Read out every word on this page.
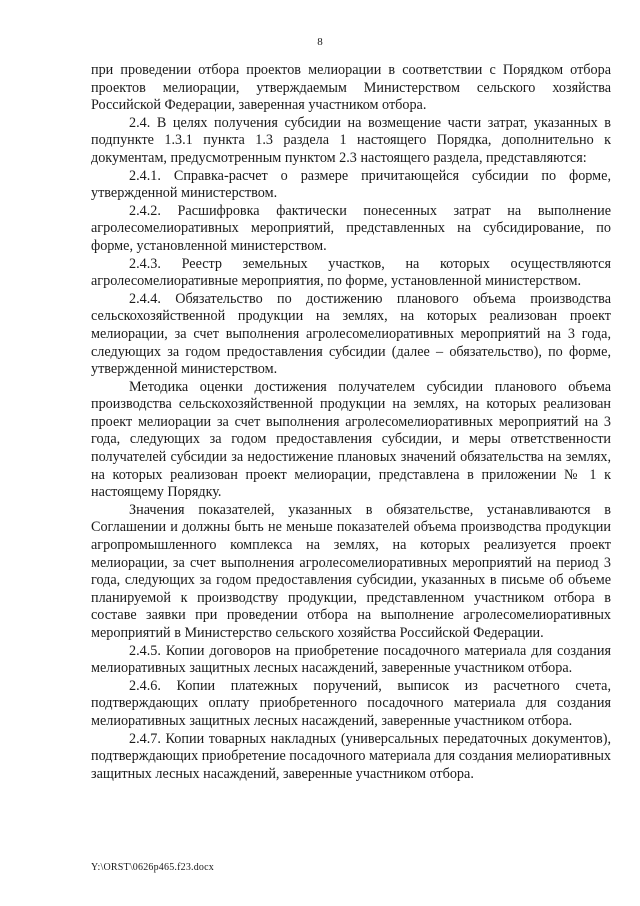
8

при проведении отбора проектов мелиорации в соответствии с Порядком отбора проектов мелиорации, утверждаемым Министерством сельского хозяйства Российской Федерации, заверенная участником отбора.

2.4. В целях получения субсидии на возмещение части затрат, указанных в подпункте 1.3.1 пункта 1.3 раздела 1 настоящего Порядка, дополнительно к документам, предусмотренным пунктом 2.3 настоящего раздела, представляются:

2.4.1. Справка-расчет о размере причитающейся субсидии по форме, утвержденной министерством.

2.4.2. Расшифровка фактически понесенных затрат на выполнение агролесомелиоративных мероприятий, представленных на субсидирование, по форме, установленной министерством.

2.4.3. Реестр земельных участков, на которых осуществляются агролесомелиоративные мероприятия, по форме, установленной министерством.

2.4.4. Обязательство по достижению планового объема производства сельскохозяйственной продукции на землях, на которых реализован проект мелиорации, за счет выполнения агролесомелиоративных мероприятий на 3 года, следующих за годом предоставления субсидии (далее – обязательство), по форме, утвержденной министерством.

Методика оценки достижения получателем субсидии планового объема производства сельскохозяйственной продукции на землях, на которых реализован проект мелиорации за счет выполнения агролесомелиоративных мероприятий на 3 года, следующих за годом предоставления субсидии, и меры ответственности получателей субсидии за недостижение плановых значений обязательства на землях, на которых реализован проект мелиорации, представлена в приложении № 1 к настоящему Порядку.

Значения показателей, указанных в обязательстве, устанавливаются в Соглашении и должны быть не меньше показателей объема производства продукции агропромышленного комплекса на землях, на которых реализуется проект мелиорации, за счет выполнения агролесомелиоративных мероприятий на период 3 года, следующих за годом предоставления субсидии, указанных в письме об объеме планируемой к производству продукции, представленном участником отбора в составе заявки при проведении отбора на выполнение агролесомелиоративных мероприятий в Министерство сельского хозяйства Российской Федерации.

2.4.5. Копии договоров на приобретение посадочного материала для создания мелиоративных защитных лесных насаждений, заверенные участником отбора.

2.4.6. Копии платежных поручений, выписок из расчетного счета, подтверждающих оплату приобретенного посадочного материала для создания мелиоративных защитных лесных насаждений, заверенные участником отбора.

2.4.7. Копии товарных накладных (универсальных передаточных документов), подтверждающих приобретение посадочного материала для создания мелиоративных защитных лесных насаждений, заверенные участником отбора.

Y:\ORST\0626p465.f23.docx
